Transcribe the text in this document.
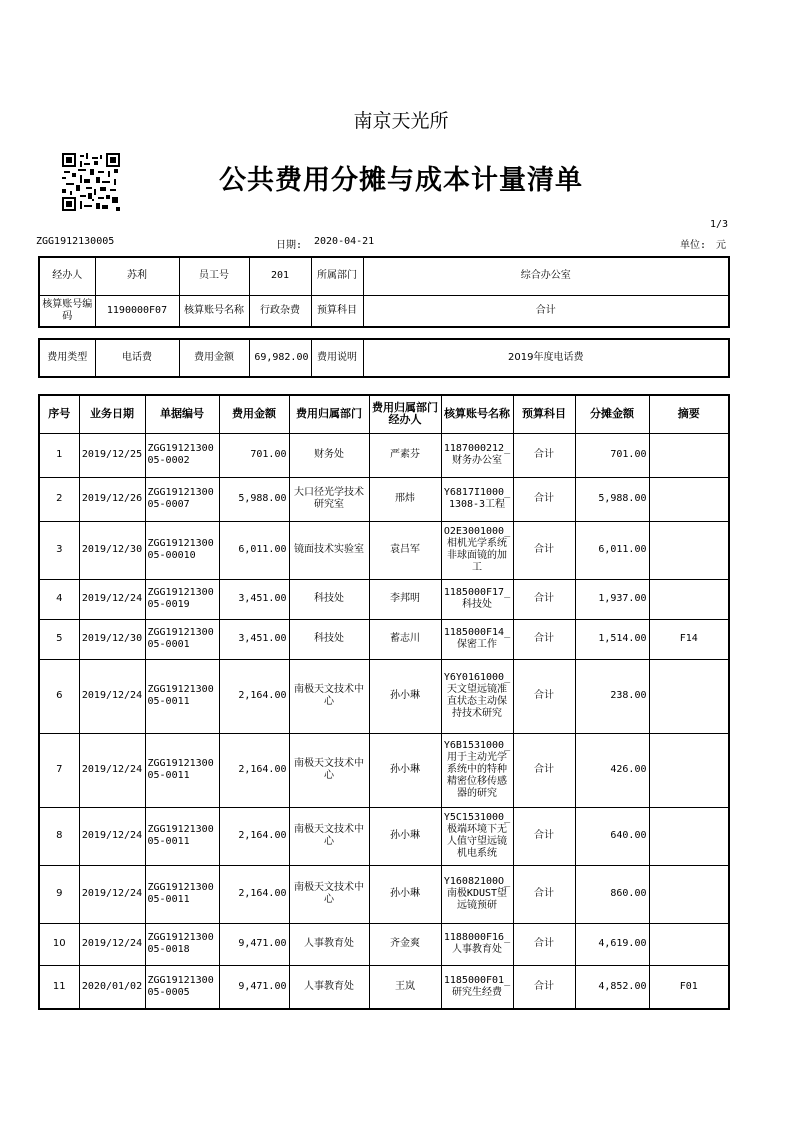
南京天光所
公共费用分摊与成本计量清单
1/3
ZGG1912130005	日期: 2020-04-21	单位: 元
经办人	苏利	员工号	201	所属部门	综合办公室
核算账号编码	1190000F07	核算账号名称	行政杂费	预算科目	合计
费用类型	电话费	费用金额	69,982.00	费用说明	2019年度电话费
序号	业务日期	单据编号	费用金额	费用归属部门	费用归属部门经办人	核算账号名称	预算科目	分摊金额	摘要
1	2019/12/25	ZGG1912130005-0002	701.00	财务处	严素芬	1187000212_财务办公室	合计	701.00	
2	2019/12/26	ZGG1912130005-0007	5,988.00	大口径光学技术研究室	邢炜	Y6817I1000_1308-3工程	合计	5,988.00	
3	2019/12/30	ZGG1912130005-00010	6,011.00	镜面技术实验室	袁吕军	O2E3001000_相机光学系统非球面镜的加工	合计	6,011.00	
4	2019/12/24	ZGG1912130005-0019	3,451.00	科技处	李邦明	1185000F17_科技处	合计	1,937.00	
5	2019/12/30	ZGG1912130005-0001	3,451.00	科技处	蓄志川	1185000F14_保密工作	合计	1,514.00	F14
6	2019/12/24	ZGG1912130005-0011	2,164.00	南极天文技术中心	孙小琳	Y6Y0161000_天文望远镜准直状态主动保持技术研究	合计	238.00	
7	2019/12/24	ZGG1912130005-0011	2,164.00	南极天文技术中心	孙小琳	Y6B1531000_用于主动光学系统中的特种精密位移传感器的研究	合计	426.00	
8	2019/12/24	ZGG1912130005-0011	2,164.00	南极天文技术中心	孙小琳	Y5C1531000_极端环境下无人值守望远镜机电系统	合计	640.00	
9	2019/12/24	ZGG1912130005-0011	2,164.00	南极天文技术中心	孙小琳	Y16082100O_南极KDUST望远镜预研	合计	860.00	
10	2019/12/24	ZGG1912130005-0018	9,471.00	人事教育处	齐金爽	1188000F16_人事教育处	合计	4,619.00	
11	2020/01/02	ZGG1912130005-0005	9,471.00	人事教育处	王岚	1185000F01_研究生经费	合计	4,852.00	F01
